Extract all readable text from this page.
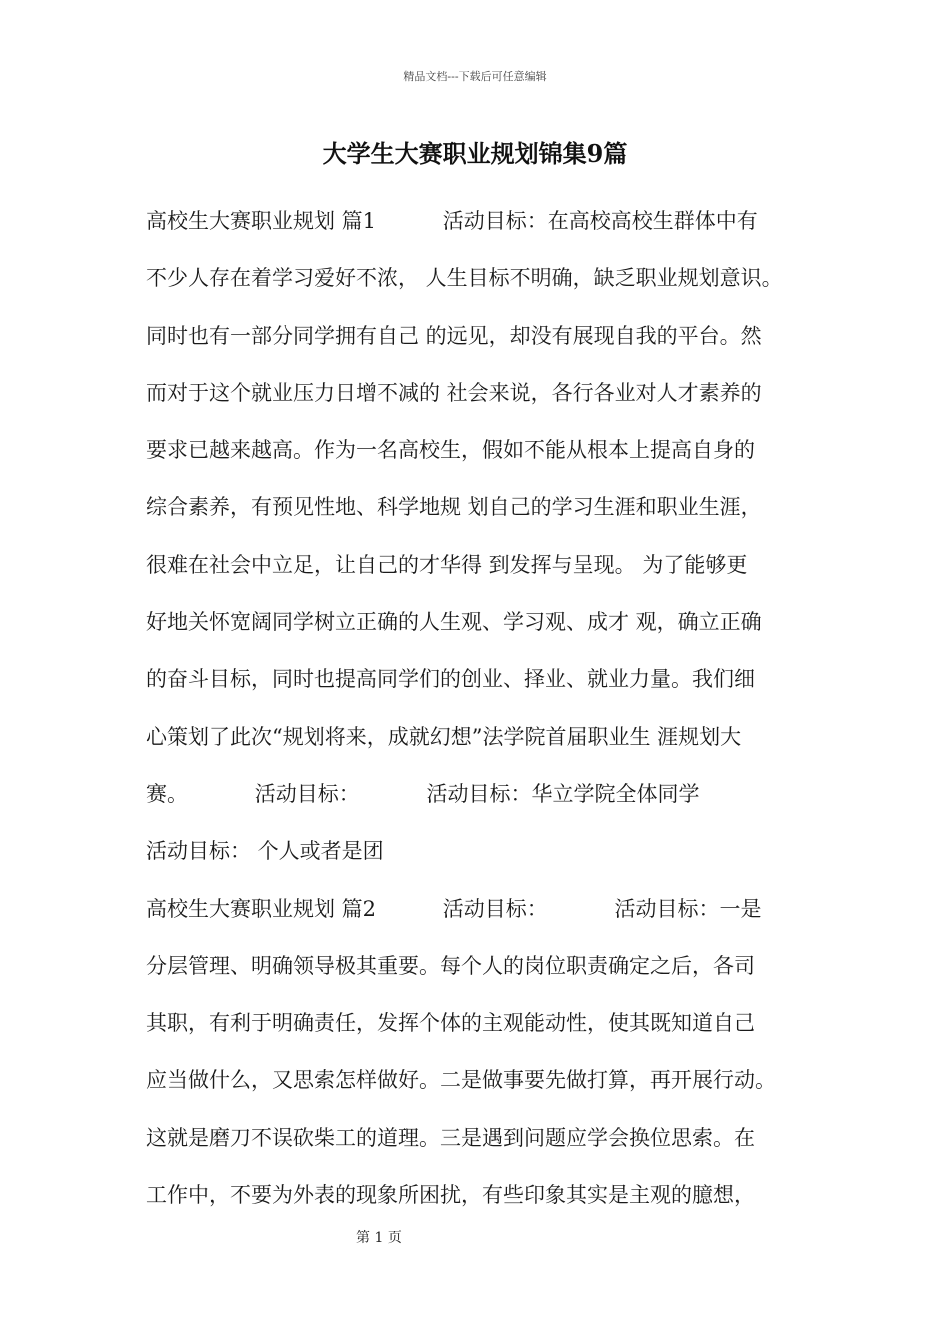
精品文档---下载后可任意编辑
大学生大赛职业规划锦集9篇
高校生大赛职业规划 篇1          活动目标：在高校高校生群体中有
不少人存在着学习爱好不浓， 人生目标不明确，缺乏职业规划意识。
同时也有一部分同学拥有自己 的远见，却没有展现自我的平台。然
而对于这个就业压力日增不减的 社会来说，各行各业对人才素养的
要求已越来越高。作为一名高校生，假如不能从根本上提高自身的
综合素养，有预见性地、科学地规 划自己的学习生涯和职业生涯，
很难在社会中立足，让自己的才华得 到发挥与呈现。 为了能够更
好地关怀宽阔同学树立正确的人生观、学习观、成才 观，确立正确
的奋斗目标，同时也提高同学们的创业、择业、就业力量。我们细
心策划了此次“规划将来，成就幻想”法学院首届职业生 涯规划大
赛。          活动目标：          活动目标：华立学院全体同学
活动目标： 个人或者是团
高校生大赛职业规划 篇2          活动目标：          活动目标：一是
分层管理、明确领导极其重要。每个人的岗位职责确定之后，各司
其职，有利于明确责任，发挥个体的主观能动性，使其既知道自己
应当做什么，又思索怎样做好。二是做事要先做打算，再开展行动。
这就是磨刀不误砍柴工的道理。三是遇到问题应学会换位思索。在
工作中，不要为外表的现象所困扰，有些印象其实是主观的臆想，
第 1 页
